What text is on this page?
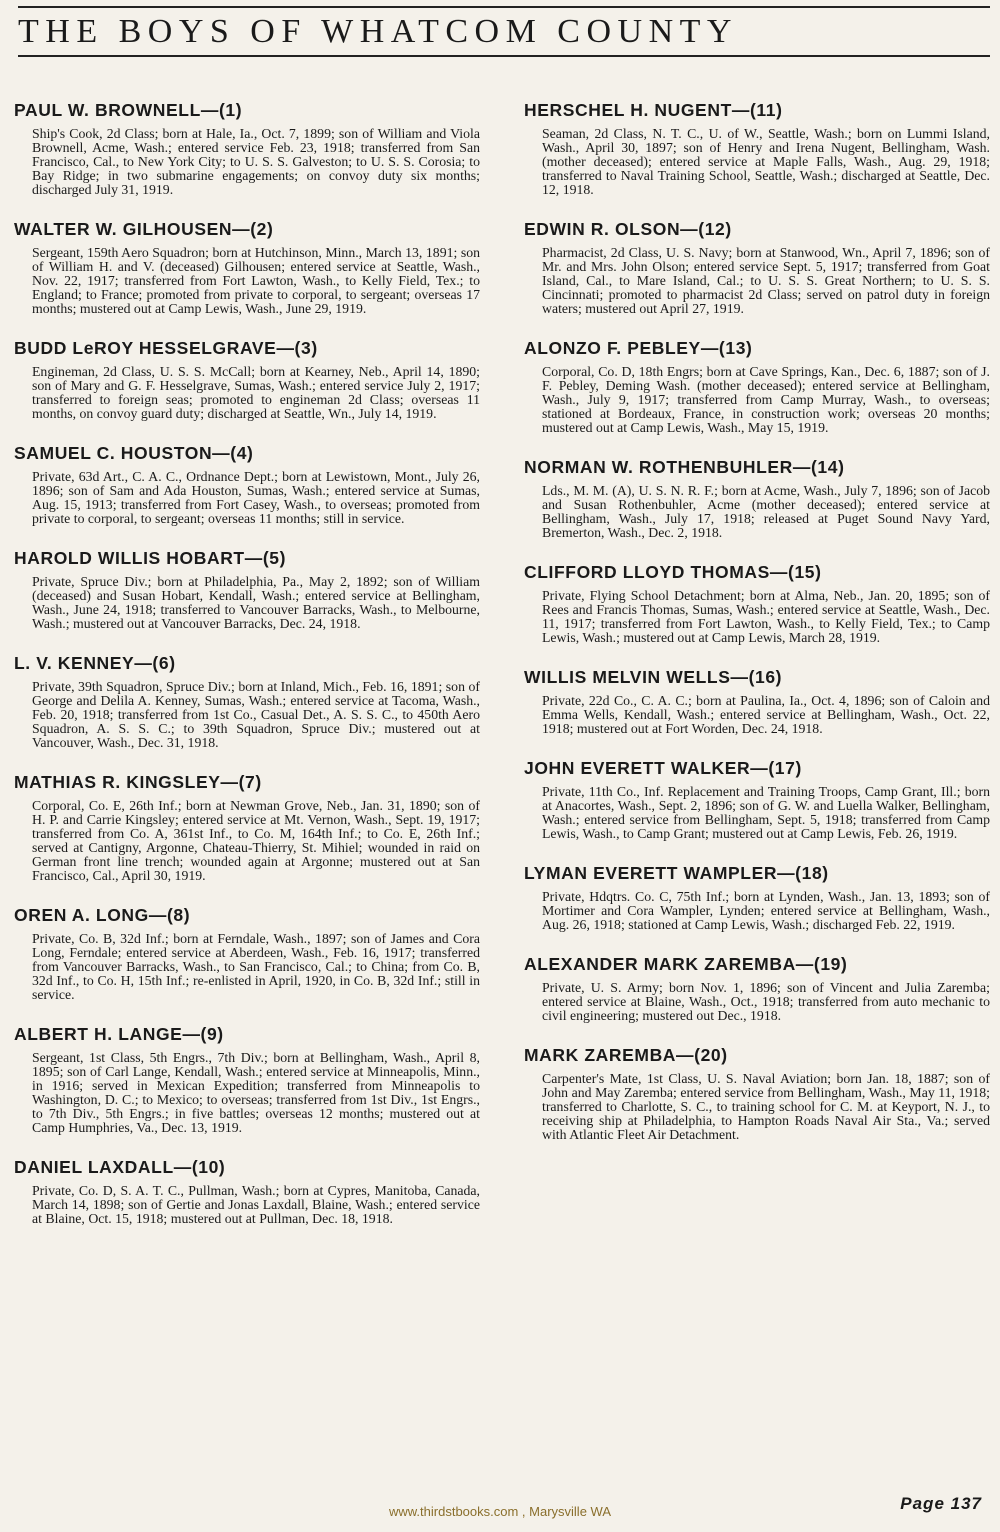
THE BOYS OF WHATCOM COUNTY
PAUL W. BROWNELL—(1)

Ship's Cook, 2d Class; born at Hale, Ia., Oct. 7, 1899; son of William and Viola Brownell, Acme, Wash.; entered service Feb. 23, 1918; transferred from San Francisco, Cal., to New York City; to U. S. S. Galveston; to U. S. S. Corosia; to Bay Ridge; in two submarine engagements; on convoy duty six months; discharged July 31, 1919.

WALTER W. GILHOUSEN—(2)

Sergeant, 159th Aero Squadron; born at Hutchinson, Minn., March 13, 1891; son of William H. and V. (deceased) Gilhousen; entered service at Seattle, Wash., Nov. 22, 1917; transferred from Fort Lawton, Wash., to Kelly Field, Tex.; to England; to France; promoted from private to corporal, to sergeant; overseas 17 months; mustered out at Camp Lewis, Wash., June 29, 1919.

BUDD LeROY HESSELGRAVE—(3)

Engineman, 2d Class, U. S. S. McCall; born at Kearney, Neb., April 14, 1890; son of Mary and G. F. Hesselgrave, Sumas, Wash.; entered service July 2, 1917; transferred to foreign seas; promoted to engineman 2d Class; overseas 11 months, on convoy guard duty; discharged at Seattle, Wn., July 14, 1919.

SAMUEL C. HOUSTON—(4)

Private, 63d Art., C. A. C., Ordnance Dept.; born at Lewistown, Mont., July 26, 1896; son of Sam and Ada Houston, Sumas, Wash.; entered service at Sumas, Aug. 15, 1913; transferred from Fort Casey, Wash., to overseas; promoted from private to corporal, to sergeant; overseas 11 months; still in service.

HAROLD WILLIS HOBART—(5)

Private, Spruce Div.; born at Philadelphia, Pa., May 2, 1892; son of William (deceased) and Susan Hobart, Kendall, Wash.; entered service at Bellingham, Wash., June 24, 1918; transferred to Vancouver Barracks, Wash., to Melbourne, Wash.; mustered out at Vancouver Barracks, Dec. 24, 1918.

L. V. KENNEY—(6)

Private, 39th Squadron, Spruce Div.; born at Inland, Mich., Feb. 16, 1891; son of George and Delila A. Kenney, Sumas, Wash.; entered service at Tacoma, Wash., Feb. 20, 1918; transferred from 1st Co., Casual Det., A. S. S. C., to 450th Aero Squadron, A. S. S. C.; to 39th Squadron, Spruce Div.; mustered out at Vancouver, Wash., Dec. 31, 1918.

MATHIAS R. KINGSLEY—(7)

Corporal, Co. E, 26th Inf.; born at Newman Grove, Neb., Jan. 31, 1890; son of H. P. and Carrie Kingsley; entered service at Mt. Vernon, Wash., Sept. 19, 1917; transferred from Co. A, 361st Inf., to Co. M, 164th Inf.; to Co. E, 26th Inf.; served at Cantigny, Argonne, Chateau-Thierry, St. Mihiel; wounded in raid on German front line trench; wounded again at Argonne; mustered out at San Francisco, Cal., April 30, 1919.

OREN A. LONG—(8)

Private, Co. B, 32d Inf.; born at Ferndale, Wash., 1897; son of James and Cora Long, Ferndale; entered service at Aberdeen, Wash., Feb. 16, 1917; transferred from Vancouver Barracks, Wash., to San Francisco, Cal.; to China; from Co. B, 32d Inf., to Co. H, 15th Inf.; re-enlisted in April, 1920, in Co. B, 32d Inf.; still in service.

ALBERT H. LANGE—(9)

Sergeant, 1st Class, 5th Engrs., 7th Div.; born at Bellingham, Wash., April 8, 1895; son of Carl Lange, Kendall, Wash.; entered service at Minneapolis, Minn., in 1916; served in Mexican Expedition; transferred from Minneapolis to Washington, D. C.; to Mexico; to overseas; transferred from 1st Div., 1st Engrs., to 7th Div., 5th Engrs.; in five battles; overseas 12 months; mustered out at Camp Humphries, Va., Dec. 13, 1919.

DANIEL LAXDALL—(10)

Private, Co. D, S. A. T. C., Pullman, Wash.; born at Cypres, Manitoba, Canada, March 14, 1898; son of Gertie and Jonas Laxdall, Blaine, Wash.; entered service at Blaine, Oct. 15, 1918; mustered out at Pullman, Dec. 18, 1918.

HERSCHEL H. NUGENT—(11)

Seaman, 2d Class, N. T. C., U. of W., Seattle, Wash.; born on Lummi Island, Wash., April 30, 1897; son of Henry and Irena Nugent, Bellingham, Wash. (mother deceased); entered service at Maple Falls, Wash., Aug. 29, 1918; transferred to Naval Training School, Seattle, Wash.; discharged at Seattle, Dec. 12, 1918.

EDWIN R. OLSON—(12)

Pharmacist, 2d Class, U. S. Navy; born at Stanwood, Wn., April 7, 1896; son of Mr. and Mrs. John Olson; entered service Sept. 5, 1917; transferred from Goat Island, Cal., to Mare Island, Cal.; to U. S. S. Great Northern; to U. S. S. Cincinnati; promoted to pharmacist 2d Class; served on patrol duty in foreign waters; mustered out April 27, 1919.

ALONZO F. PEBLEY—(13)

Corporal, Co. D, 18th Engrs; born at Cave Springs, Kan., Dec. 6, 1887; son of J. F. Pebley, Deming Wash. (mother deceased); entered service at Bellingham, Wash., July 9, 1917; transferred from Camp Murray, Wash., to overseas; stationed at Bordeaux, France, in construction work; overseas 20 months; mustered out at Camp Lewis, Wash., May 15, 1919.

NORMAN W. ROTHENBUHLER—(14)

Lds., M. M. (A), U. S. N. R. F.; born at Acme, Wash., July 7, 1896; son of Jacob and Susan Rothenbuhler, Acme (mother deceased); entered service at Bellingham, Wash., July 17, 1918; released at Puget Sound Navy Yard, Bremerton, Wash., Dec. 2, 1918.

CLIFFORD LLOYD THOMAS—(15)

Private, Flying School Detachment; born at Alma, Neb., Jan. 20, 1895; son of Rees and Francis Thomas, Sumas, Wash.; entered service at Seattle, Wash., Dec. 11, 1917; transferred from Fort Lawton, Wash., to Kelly Field, Tex.; to Camp Lewis, Wash.; mustered out at Camp Lewis, March 28, 1919.

WILLIS MELVIN WELLS—(16)

Private, 22d Co., C. A. C.; born at Paulina, Ia., Oct. 4, 1896; son of Caloin and Emma Wells, Kendall, Wash.; entered service at Bellingham, Wash., Oct. 22, 1918; mustered out at Fort Worden, Dec. 24, 1918.

JOHN EVERETT WALKER—(17)

Private, 11th Co., Inf. Replacement and Training Troops, Camp Grant, Ill.; born at Anacortes, Wash., Sept. 2, 1896; son of G. W. and Luella Walker, Bellingham, Wash.; entered service from Bellingham, Sept. 5, 1918; transferred from Camp Lewis, Wash., to Camp Grant; mustered out at Camp Lewis, Feb. 26, 1919.

LYMAN EVERETT WAMPLER—(18)

Private, Hdqtrs. Co. C, 75th Inf.; born at Lynden, Wash., Jan. 13, 1893; son of Mortimer and Cora Wampler, Lynden; entered service at Bellingham, Wash., Aug. 26, 1918; stationed at Camp Lewis, Wash.; discharged Feb. 22, 1919.

ALEXANDER MARK ZAREMBA—(19)

Private, U. S. Army; born Nov. 1, 1896; son of Vincent and Julia Zaremba; entered service at Blaine, Wash., Oct., 1918; transferred from auto mechanic to civil engineering; mustered out Dec., 1918.

MARK ZAREMBA—(20)

Carpenter's Mate, 1st Class, U. S. Naval Aviation; born Jan. 18, 1887; son of John and May Zaremba; entered service from Bellingham, Wash., May 11, 1918; transferred to Charlotte, S. C., to training school for C. M. at Keyport, N. J., to receiving ship at Philadelphia, to Hampton Roads Naval Air Sta., Va.; served with Atlantic Fleet Air Detachment.

www.thirdstbooks.com , Marysville WA	Page 137
